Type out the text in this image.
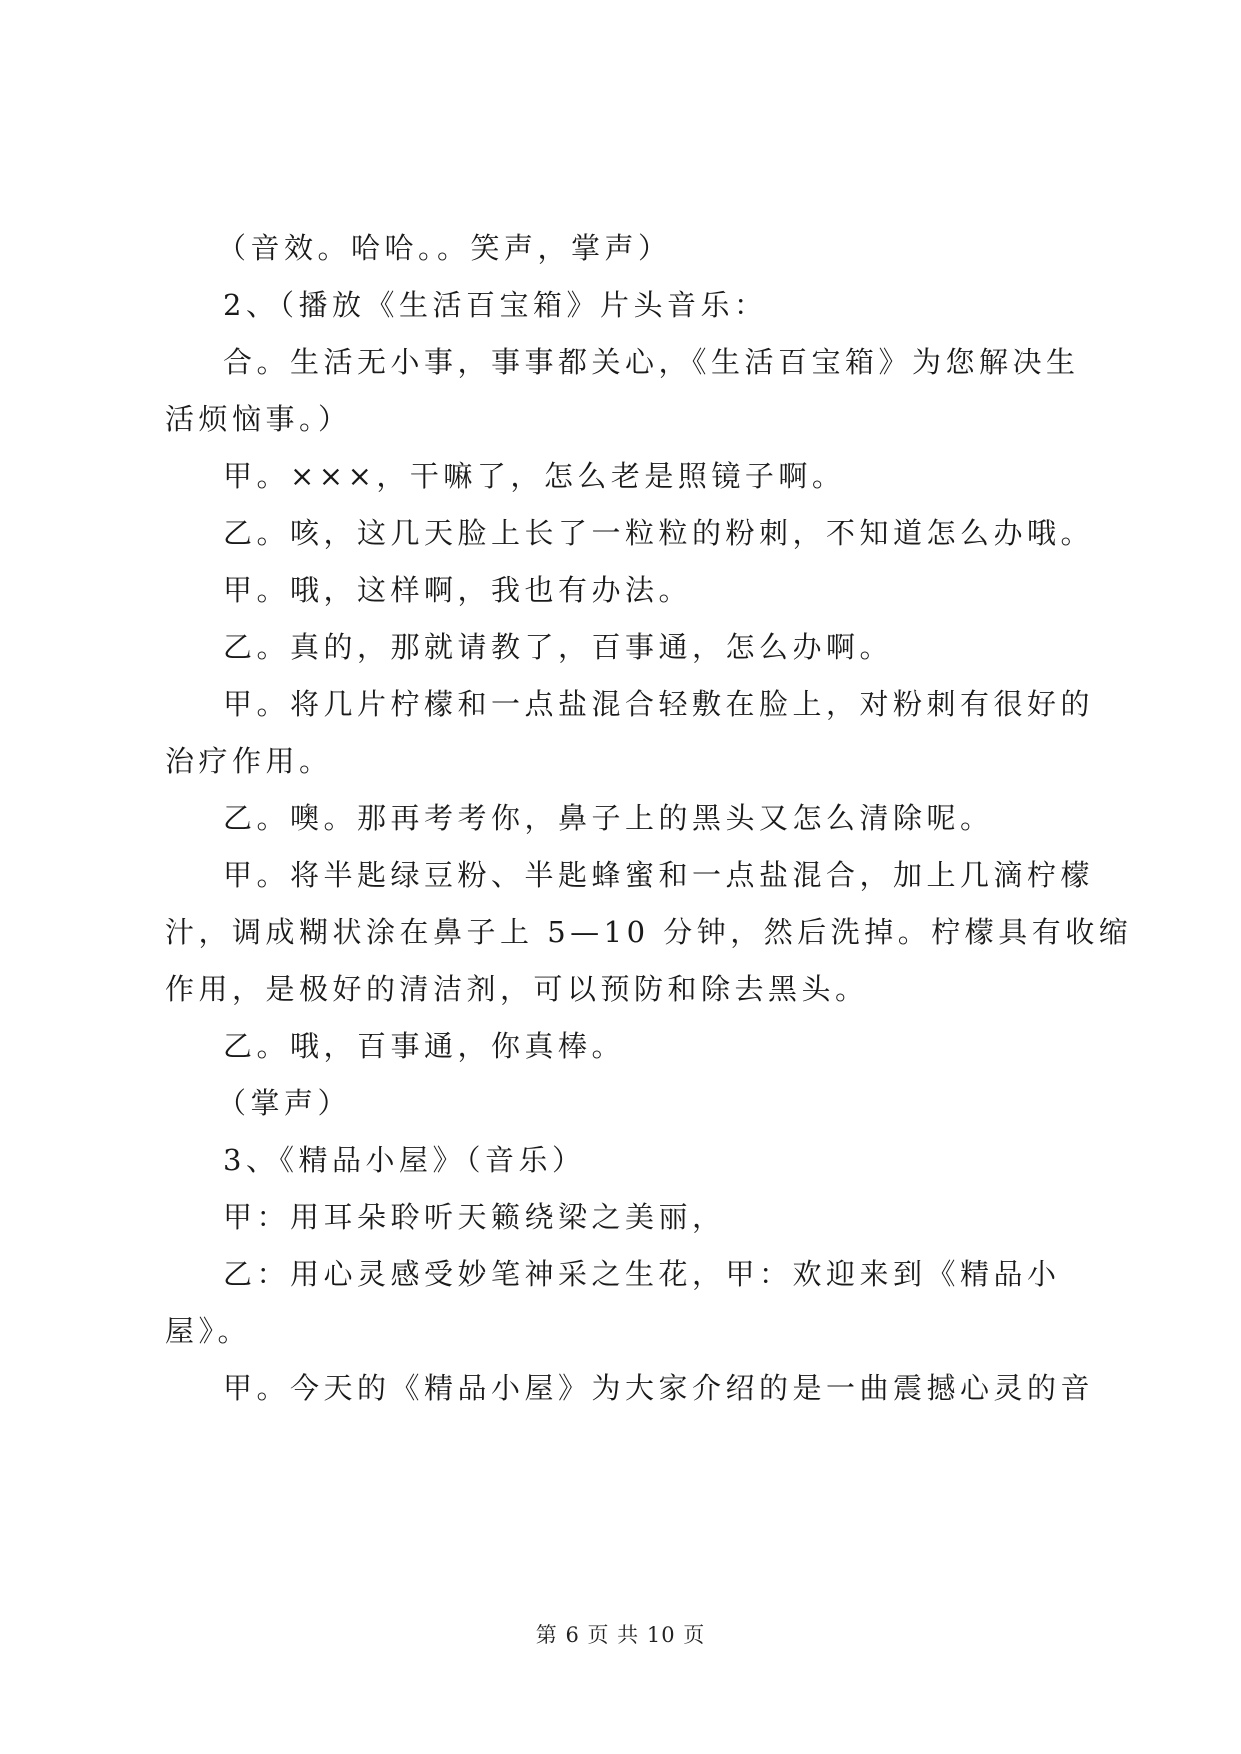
（音效。哈哈。。笑声，掌声）
2、（播放《生活百宝箱》片头音乐：
合。生活无小事，事事都关心，《生活百宝箱》为您解决生
活烦恼事。）
甲。×××，干嘛了，怎么老是照镜子啊。
乙。咳，这几天脸上长了一粒粒的粉刺，不知道怎么办哦。
甲。哦，这样啊，我也有办法。
乙。真的，那就请教了，百事通，怎么办啊。
甲。将几片柠檬和一点盐混合轻敷在脸上，对粉刺有很好的
治疗作用。
乙。噢。那再考考你，鼻子上的黑头又怎么清除呢。
甲。将半匙绿豆粉、半匙蜂蜜和一点盐混合，加上几滴柠檬
汁，调成糊状涂在鼻子上 5—10 分钟，然后洗掉。柠檬具有收缩
作用，是极好的清洁剂，可以预防和除去黑头。
乙。哦，百事通，你真棒。
（掌声）
3、《精品小屋》（音乐）
甲：用耳朵聆听天籁绕梁之美丽，
乙：用心灵感受妙笔神采之生花，甲：欢迎来到《精品小
屋》。
甲。今天的《精品小屋》为大家介绍的是一曲震撼心灵的音
第 6 页 共 10 页
